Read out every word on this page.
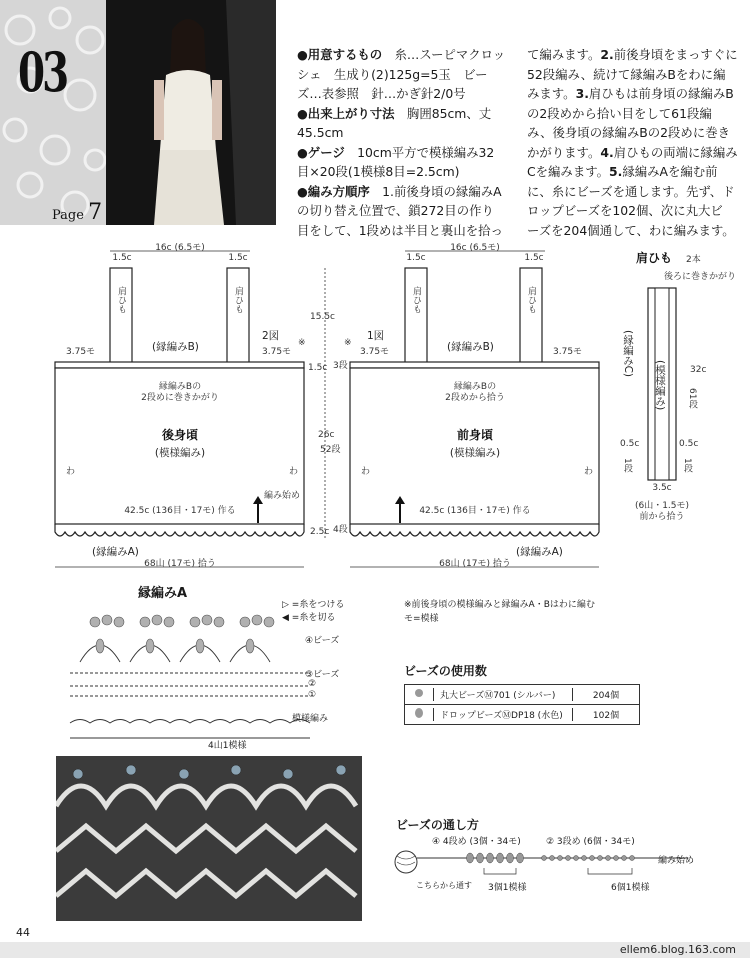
03
Page 7
●用意するもの　糸…スーピマクロッ
シェ　生成り(2)125g=5玉　ビー
ズ…表参照　針…かぎ針2/0号
●出来上がり寸法　胸囲85cm、丈
45.5cm
●ゲージ　10cm平方で模様編み32
目×20段(1模様8目=2.5cm)
●編み方順序　1.前後身頃の縁編みA
の切り替え位置で、鎖272目の作り
目をして、1段めは半目と裏山を拾っ
て編みます。2.前後身頃をまっすぐに
52段編み、続けて縁編みBをわに編
みます。3.肩ひもは前身頃の縁編みB
の2段めから拾い目をして61段編
み、後身頃の縁編みBの2段めに巻き
かがります。4.肩ひもの両端に縁編み
Cを編みます。5.縁編みAを編む前
に、糸にビーズを通します。先ず、ド
ロップビーズを102個、次に丸大ビ
ーズを204個通して、わに編みます。
16c (6.5モ)
1.5c	1.5c
肩ひも	肩ひも
2図
(縁編みB)
3.75モ	3.75モ
縁編みBの
2段めに巻きかがり
後身頃
(模様編み)
わ	わ
編み始め
42.5c (136目・17モ) 作る
(縁編みA)
68山 (17モ) 拾う
15.5c
※
1.5c 3段
26c
52段
2.5c 4段
※
16c (6.5モ)
1.5c	1.5c
肩ひも	肩ひも
1図
(縁編みB)
3.75モ	3.75モ
縁編みBの
2段めから拾う
前身頃
(模様編み)
わ	わ
42.5c (136目・17モ) 作る
(縁編みA)
68山 (17モ) 拾う
肩ひも 2本
後ろに巻きかがり
(縁編みC)
(模様編み)	32c
61段
0.5c	0.5c
1段	1段
3.5c
(6山・1.5モ)
前から拾う
縁編みA
▷ =糸をつける
◀ =糸を切る
④ビーズ
③ビーズ
②
①
模様編み
4山1模様
※前後身頃の模様編みと縁編みA・Bはわに編む
モ=模様
ビーズの使用数
丸大ビーズⓂ701 (シルバー)	204個
ドロップビーズⓂDP18 (水色)	102個
ビーズの通し方
④ 4段め (3個・34モ)	② 3段め (6個・34モ)
編み始め
こちらから通す 3個1模様	6個1模様
44
ellem6.blog.163.com
